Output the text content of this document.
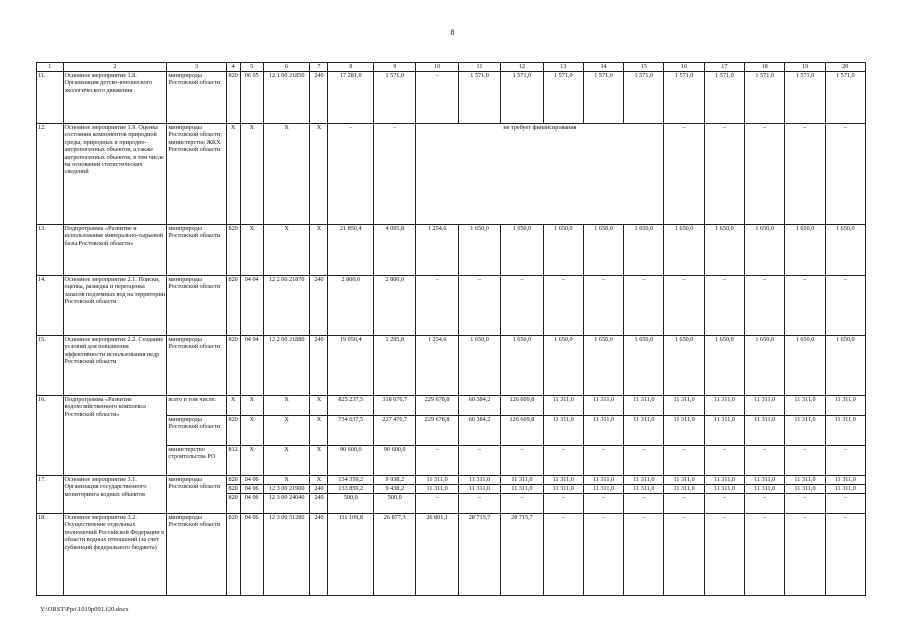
8
1	2	3	4	5	6	7	8	9	10	11	12	13	14	15	16	17	18	19	20
11.	Основное мероприятие 1.8. Организация детско-юношеского экологического движения	минприроды Ростовской области	820	06 05	12 1 00 21850	240	17 281,0	1 571,0	–	1 571,0	1 571,0	1 571,0	1 571,0	1 571,0	1 571,0	1 571,0	1 571,0	1 571,0	1 571,0
12.	Основное мероприятие 1.9. Оценка состояния компонентов природной среды, природных и природно-антропогенных объектов, а также антропогенных объектов, в том числе на основании статистических сведений	минприроды Ростовской области; министерство ЖКХ Ростовской области	X	X	X	X	–	–	не требует финансирования						–	–	–	–	–
13.	Подпрограмма «Развитие и использование минерально-сырьевой базы Ростовской области»	минприроды Ростовской области	820	X	X	X	21 850,4	4 095,8	1 254,6	1 650,0	1 650,0	1 650,0	1 650,0	1 650,0	1 650,0	1 650,0	1 650,0	1 650,0	1 650,0
14.	Основное мероприятие 2.1. Поиски, оценка, разведка и переоценка запасов подземных вод на территории Ростовской области	минприроды Ростовской области	820	04 04	12 2 00 21870	240	2 800,0	2 800,0	–	–	–	–	–	–	–	–	–	–	–
15.	Основное мероприятие 2.2. Создание условий для повышения эффективности использования недр Ростовской области	минприроды Ростовской области	820	04 04	12 2 00 21880	240	19 050,4	1 295,8	1 254,6	1 650,0	1 650,0	1 650,0	1 650,0	1 650,0	1 650,0	1 650,0	1 650,0	1 650,0	1 650,0
16.	Подпрограмма «Развитие водохозяйственного комплекса Ростовской области»	всего в том числе:	X	X	X	X	825 237,5	318 076,7	229 678,8	60 384,2	126 609,8	11 311,0	11 311,0	11 311,0	11 311,0	11 311,0	11 311,0	11 311,0	11 311,0
		минприроды Ростовской области	820	X	X	X	734 637,5	227 476,7	229 678,8	60 384,2	126 609,8	11 311,0	11 311,0	11 311,0	11 311,0	11 311,0	11 311,0	11 311,0	11 311,0
		министерство строительства РО	812	X	X	X	90 600,0	90 600,0	–	–	–	–	–	–	–	–	–	–	–
17.	Основное мероприятие 3.1. Организация государственного мониторинга водных объектов	минприроды Ростовской области	820	04 06	X	X	134 359,2	9 938,2	11 311,0	11 311,0	11 311,0	11 311,0	11 311,0	11 311,0	11 311,0	11 311,0	11 311,0	11 311,0	11 311,0
			820	04 06	12 3 00 21900	240	133 859,2	9 438,2	11 311,0	11 311,0	11 311,0	11 311,0	11 311,0	11 311,0	11 311,0	11 311,0	11 311,0	11 311,0	11 311,0
			820	04 06	12 3 00 24040	240	500,0	500,0	–	–	–	–	–	–	–	–	–	–	–
18.	Основное мероприятие 3.2. Осуществление отдельных полномочий Российской Федерации в области водных отношений (за счет субвенций федерального бюджета)	минприроды Ростовской области	820	04 06	12 3 00 51280	240	111 109,8	26 877,3	26 801,1	28 715,7	28 715,7	–	–	–	–	–	–	–	–
Y:\ORST\Ppo\1019p091.f20.docx
